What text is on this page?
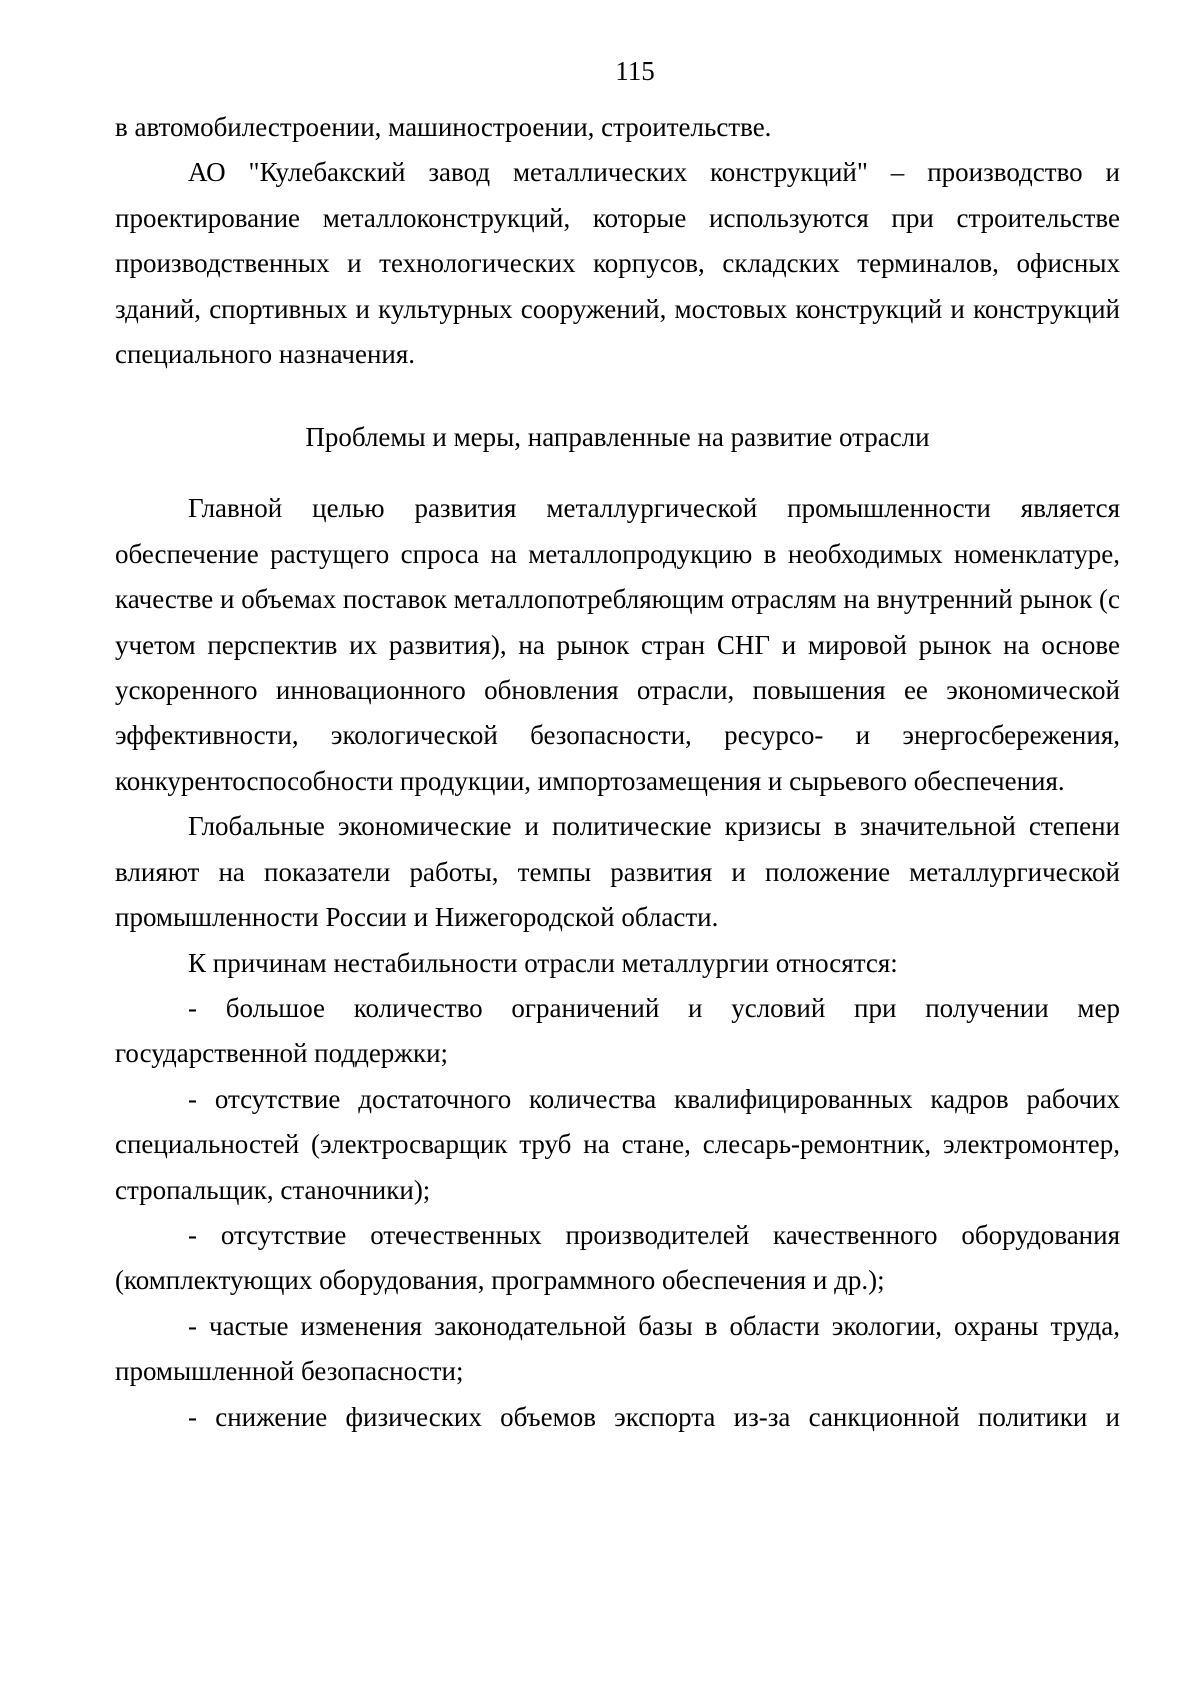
115

в автомобилестроении, машиностроении, строительстве.

АО "Кулебакский завод металлических конструкций" – производство и проектирование металлоконструкций, которые используются при строительстве производственных и технологических корпусов, складских терминалов, офисных зданий, спортивных и культурных сооружений, мостовых конструкций и конструкций специального назначения.

Проблемы и меры, направленные на развитие отрасли

Главной целью развития металлургической промышленности является обеспечение растущего спроса на металлопродукцию в необходимых номенклатуре, качестве и объемах поставок металлопотребляющим отраслям на внутренний рынок (с учетом перспектив их развития), на рынок стран СНГ и мировой рынок на основе ускоренного инновационного обновления отрасли, повышения ее экономической эффективности, экологической безопасности, ресурсо- и энергосбережения, конкурентоспособности продукции, импортозамещения и сырьевого обеспечения.

Глобальные экономические и политические кризисы в значительной степени влияют на показатели работы, темпы развития и положение металлургической промышленности России и Нижегородской области.

К причинам нестабильности отрасли металлургии относятся:

- большое количество ограничений и условий при получении мер государственной поддержки;

- отсутствие достаточного количества квалифицированных кадров рабочих специальностей (электросварщик труб на стане, слесарь-ремонтник, электромонтер, стропальщик, станочники);

- отсутствие отечественных производителей качественного оборудования (комплектующих оборудования, программного обеспечения и др.);

- частые изменения законодательной базы в области экологии, охраны труда, промышленной безопасности;

- снижение физических объемов экспорта из-за санкционной политики и
